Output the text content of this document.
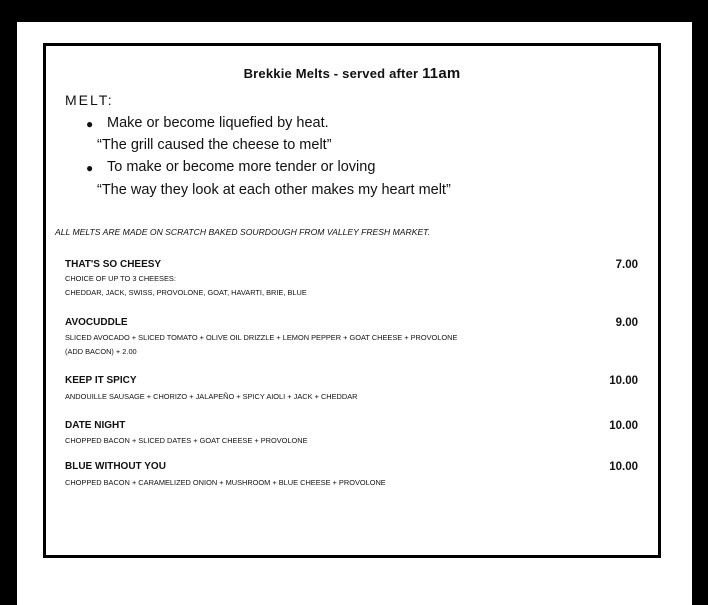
Brekkie Melts - served after 11am
MELT:
● Make or become liquefied by heat.
“The grill caused the cheese to melt”
● To make or become more tender or loving
“The way they look at each other makes my heart melt”
ALL MELTS ARE MADE ON SCRATCH BAKED SOURDOUGH FROM VALLEY FRESH MARKET.
THAT'S SO CHEESY	7.00
CHOICE OF UP TO 3 CHEESES:
CHEDDAR, JACK, SWISS, PROVOLONE, GOAT, HAVARTI, BRIE, BLUE
AVOCUDDLE	9.00
SLICED AVOCADO + SLICED TOMATO + OLIVE OIL DRIZZLE + LEMON PEPPER + GOAT CHEESE + PROVOLONE
(ADD BACON) + 2.00
KEEP IT SPICY	10.00
ANDOUILLE SAUSAGE + CHORIZO + JALAPEÑO + SPICY AIOLI + JACK + CHEDDAR
DATE NIGHT	10.00
CHOPPED BACON + SLICED DATES + GOAT CHEESE + PROVOLONE
BLUE WITHOUT YOU	10.00
CHOPPED BACON + CARAMELIZED ONION + MUSHROOM + BLUE CHEESE + PROVOLONE
